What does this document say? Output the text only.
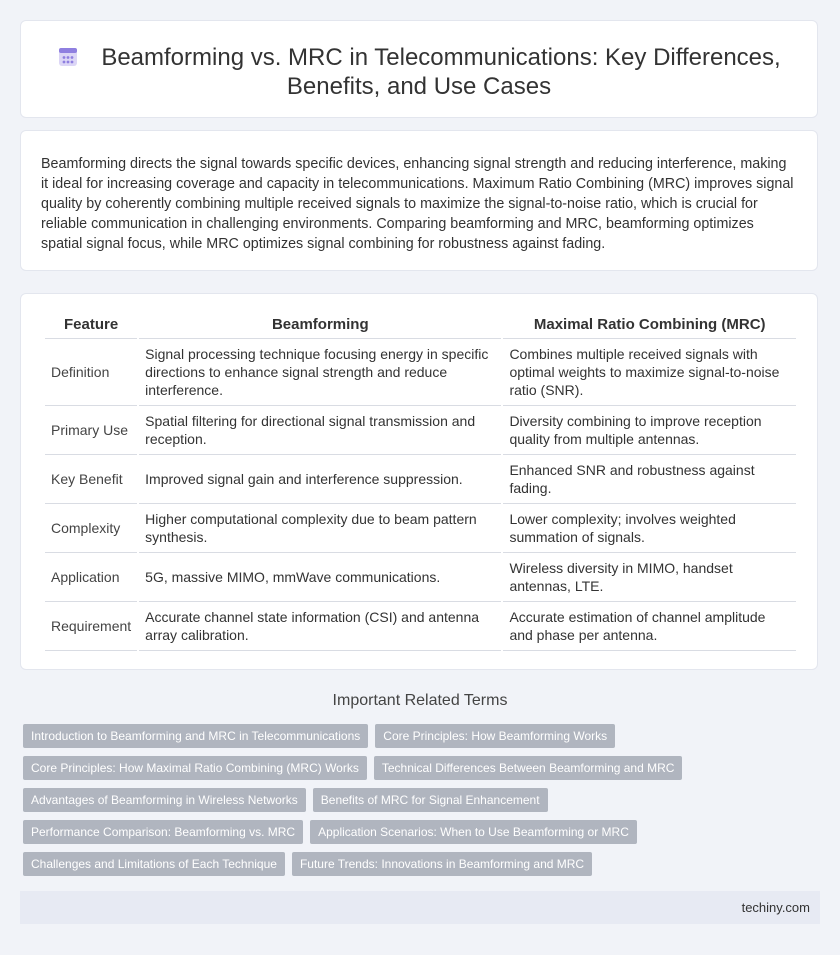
Beamforming vs. MRC in Telecommunications: Key Differences, Benefits, and Use Cases
Beamforming directs the signal towards specific devices, enhancing signal strength and reducing interference, making it ideal for increasing coverage and capacity in telecommunications. Maximum Ratio Combining (MRC) improves signal quality by coherently combining multiple received signals to maximize the signal-to-noise ratio, which is crucial for reliable communication in challenging environments. Comparing beamforming and MRC, beamforming optimizes spatial signal focus, while MRC optimizes signal combining for robustness against fading.
Feature	Beamforming	Maximal Ratio Combining (MRC)
Definition	Signal processing technique focusing energy in specific directions to enhance signal strength and reduce interference.	Combines multiple received signals with optimal weights to maximize signal-to-noise ratio (SNR).
Primary Use	Spatial filtering for directional signal transmission and reception.	Diversity combining to improve reception quality from multiple antennas.
Key Benefit	Improved signal gain and interference suppression.	Enhanced SNR and robustness against fading.
Complexity	Higher computational complexity due to beam pattern synthesis.	Lower complexity; involves weighted summation of signals.
Application	5G, massive MIMO, mmWave communications.	Wireless diversity in MIMO, handset antennas, LTE.
Requirement	Accurate channel state information (CSI) and antenna array calibration.	Accurate estimation of channel amplitude and phase per antenna.
Important Related Terms
Introduction to Beamforming and MRC in Telecommunications Core Principles: How Beamforming Works
Core Principles: How Maximal Ratio Combining (MRC) Works Technical Differences Between Beamforming and MRC
Advantages of Beamforming in Wireless Networks Benefits of MRC for Signal Enhancement
Performance Comparison: Beamforming vs. MRC Application Scenarios: When to Use Beamforming or MRC
Challenges and Limitations of Each Technique Future Trends: Innovations in Beamforming and MRC
techiny.com
